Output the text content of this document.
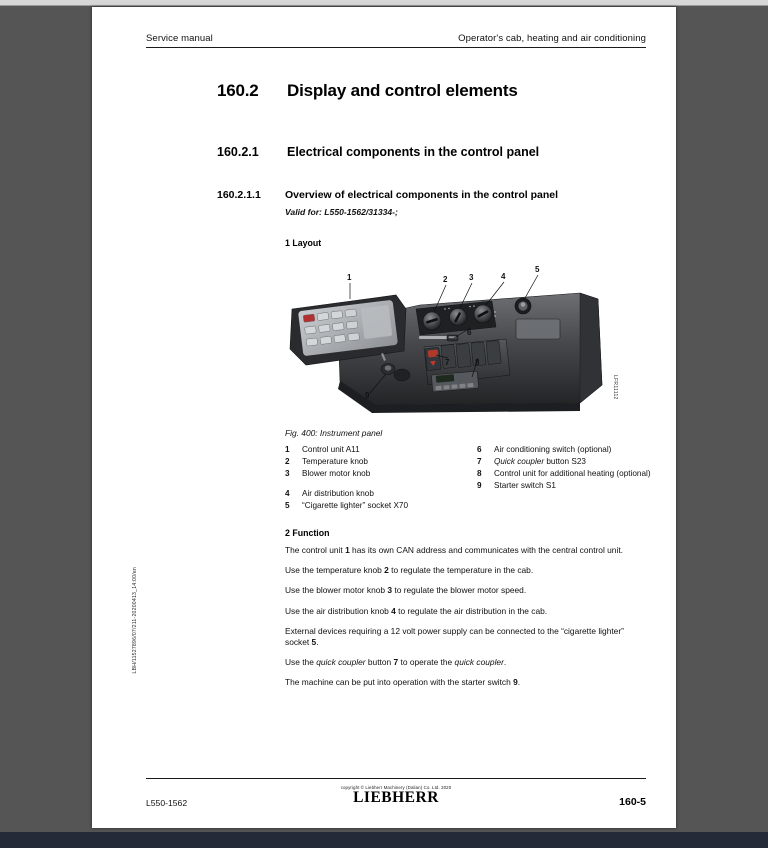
Service manual	Operator's cab, heating and air conditioning
160.2	Display and control elements
160.2.1	Electrical components in the control panel
160.2.1.1	Overview of electrical components in the control panel
Valid for: L550-1562/31334-;
1 Layout
1	2	3	4
5
6
7	8
9	LFR11112
Fig. 400: Instrument panel
1	Control unit A11
2	Temperature knob
3	Blower motor knob
4	Air distribution knob
5	“Cigarette lighter” socket X70
6	Air conditioning switch (optional)
7	Quick coupler button S23
8	Control unit for additional heating (optional)
9	Starter switch S1
2 Function

The control unit 1 has its own CAN address and communicates with the central control unit.

Use the temperature knob 2 to regulate the temperature in the cab.

Use the blower motor knob 3 to regulate the blower motor speed.

Use the air distribution knob 4 to regulate the air distribution in the cab.

External devices requiring a 12 volt power supply can be connected to the “cigarette lighter” socket 5.

Use the quick coupler button 7 to operate the quick coupler.

The machine can be put into operation with the starter switch 9.

LBH/11527896/07/211-20200413_14:00/en
L550-1562
copyright © Liebherr Machinery (Dalian) Co. Ltd. 2020
LIEBHERR	160-5
